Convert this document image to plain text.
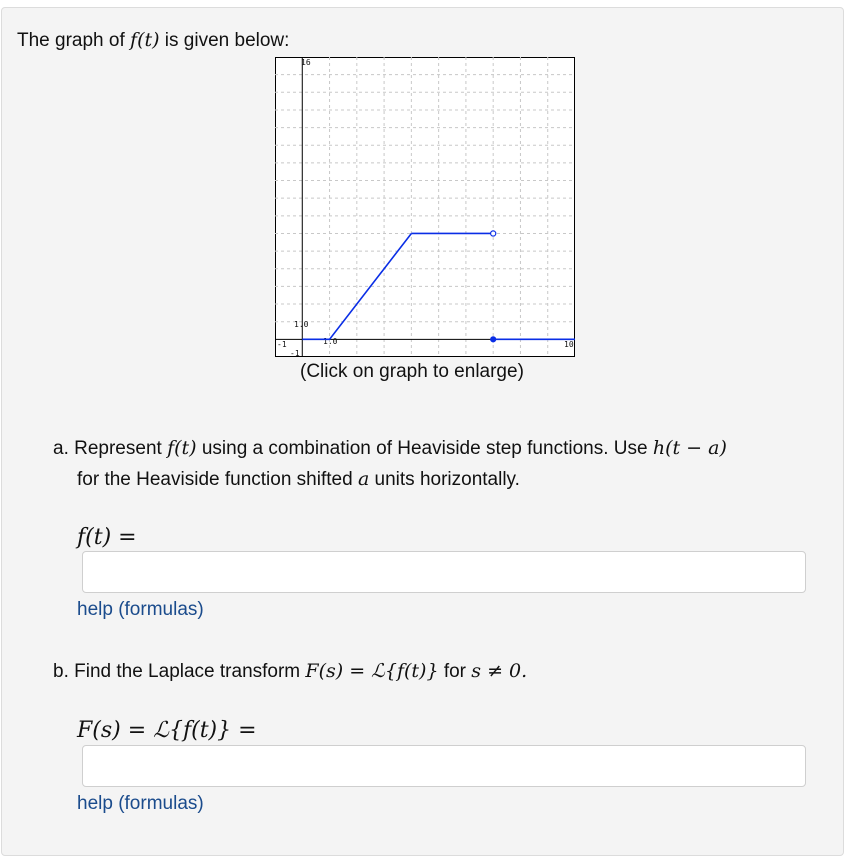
The graph of f(t) is given below:
16
1.0
1.0
-1
-1
10
(Click on graph to enlarge)
a. Represent f(t) using a combination of Heaviside step functions. Use h(t − a)
for the Heaviside function shifted a units horizontally.
f(t) =
help (formulas)
b. Find the Laplace transform F(s) = ℒ{f(t)} for s ≠ 0.
F(s) = ℒ{f(t)} =
help (formulas)
